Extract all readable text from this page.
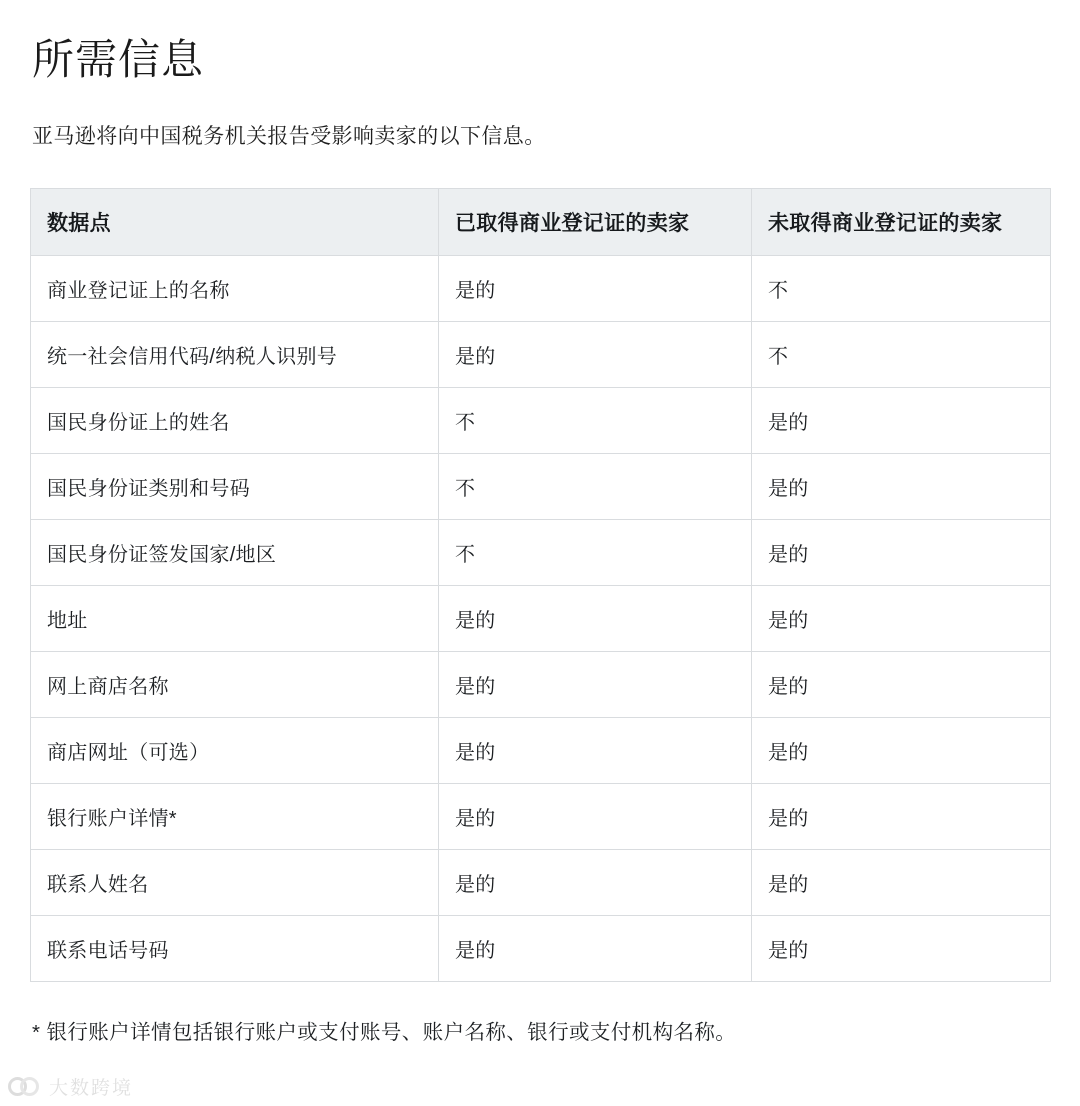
所需信息

亚马逊将向中国税务机关报告受影响卖家的以下信息。

数据点	已取得商业登记证的卖家	未取得商业登记证的卖家
商业登记证上的名称	是的	不
统一社会信用代码/纳税人识别号	是的	不
国民身份证上的姓名	不	是的
国民身份证类别和号码	不	是的
国民身份证签发国家/地区	不	是的
地址	是的	是的
网上商店名称	是的	是的
商店网址（可选）	是的	是的
银行账户详情*	是的	是的
联系人姓名	是的	是的
联系电话号码	是的	是的

* 银行账户详情包括银行账户或支付账号、账户名称、银行或支付机构名称。

大数跨境
